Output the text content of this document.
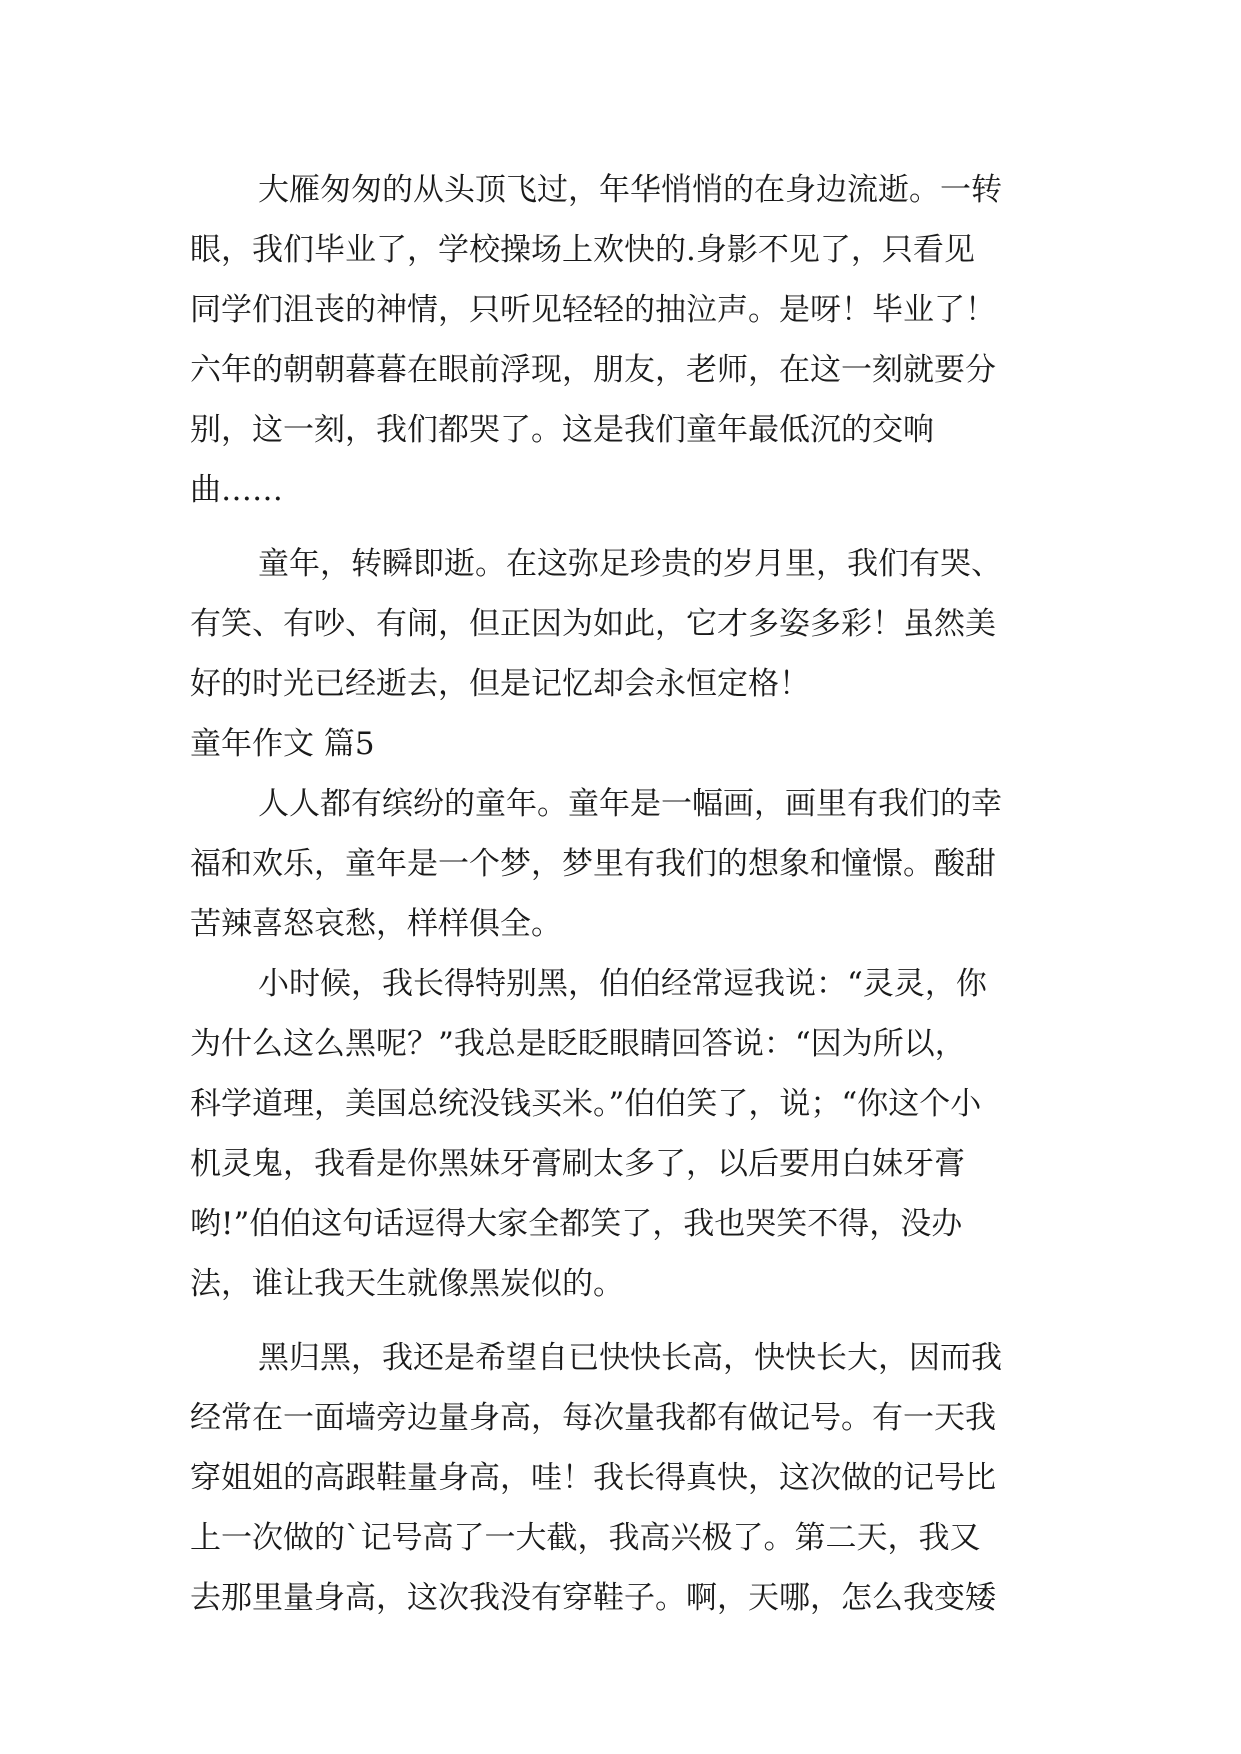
大雁匆匆的从头顶飞过，年华悄悄的在身边流逝。一转
眼，我们毕业了，学校操场上欢快的.身影不见了，只看见
同学们沮丧的神情，只听见轻轻的抽泣声。是呀！毕业了！
六年的朝朝暮暮在眼前浮现，朋友，老师，在这一刻就要分
别，这一刻，我们都哭了。这是我们童年最低沉的交响
曲……
童年，转瞬即逝。在这弥足珍贵的岁月里，我们有哭、
有笑、有吵、有闹，但正因为如此，它才多姿多彩！虽然美
好的时光已经逝去，但是记忆却会永恒定格！
童年作文 篇5
人人都有缤纷的童年。童年是一幅画，画里有我们的幸
福和欢乐，童年是一个梦，梦里有我们的想象和憧憬。酸甜
苦辣喜怒哀愁，样样俱全。
小时候，我长得特别黑，伯伯经常逗我说：“灵灵，你
为什么这么黑呢？”我总是眨眨眼睛回答说：“因为所以，
科学道理，美国总统没钱买米。”伯伯笑了，说；“你这个小
机灵鬼，我看是你黑妹牙膏刷太多了，以后要用白妹牙膏
哟!”伯伯这句话逗得大家全都笑了，我也哭笑不得，没办
法，谁让我天生就像黑炭似的。
黑归黑，我还是希望自已快快长高，快快长大，因而我
经常在一面墙旁边量身高，每次量我都有做记号。有一天我
穿姐姐的高跟鞋量身高，哇！我长得真快，这次做的记号比
上一次做的`记号高了一大截，我高兴极了。第二天，我又
去那里量身高，这次我没有穿鞋子。啊，天哪，怎么我变矮
